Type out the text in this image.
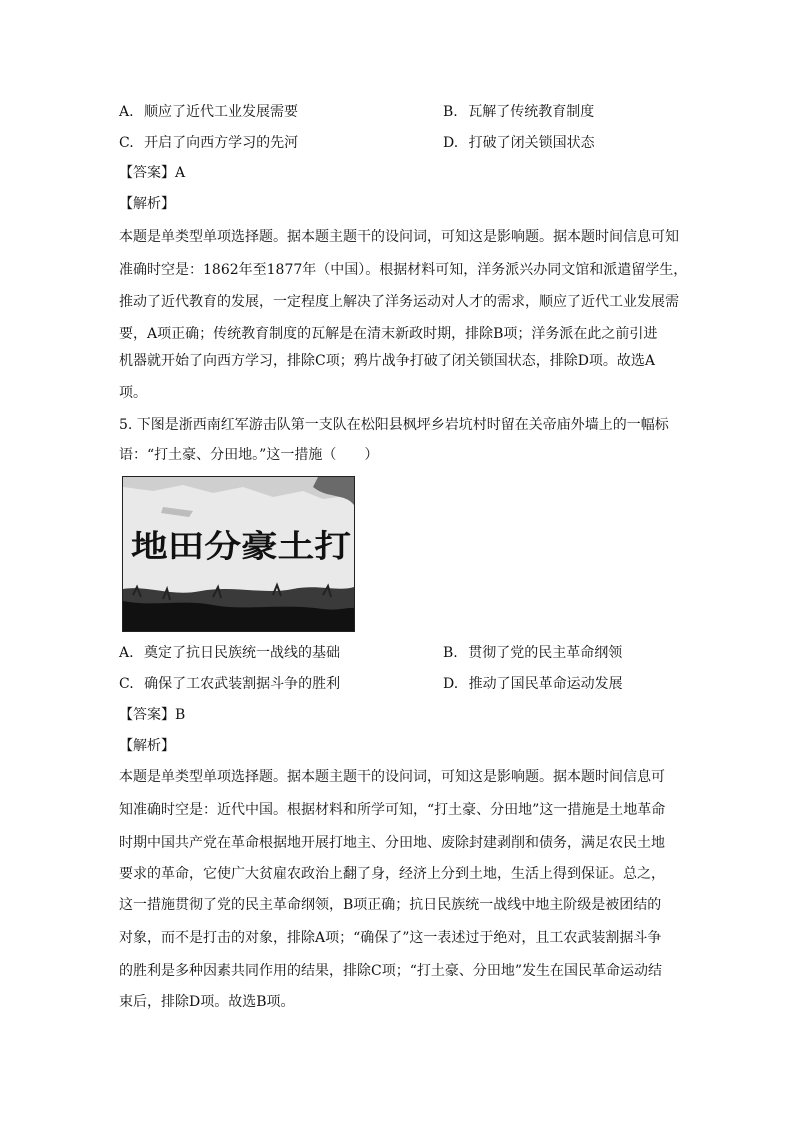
A. 顺应了近代工业发展需要	B. 瓦解了传统教育制度
C. 开启了向西方学习的先河	D. 打破了闭关锁国状态
【答案】A
【解析】
本题是单类型单项选择题。据本题主题干的设问词，可知这是影响题。据本题时间信息可知
准确时空是：1862年至1877年（中国）。根据材料可知，洋务派兴办同文馆和派遣留学生，
推动了近代教育的发展，一定程度上解决了洋务运动对人才的需求，顺应了近代工业发展需
要，A项正确；传统教育制度的瓦解是在清末新政时期，排除B项；洋务派在此之前引进
机器就开始了向西方学习，排除C项；鸦片战争打破了闭关锁国状态，排除D项。故选A
项。
5. 下图是浙西南红军游击队第一支队在松阳县枫坪乡岩坑村时留在关帝庙外墙上的一幅标
语：“打土豪、分田地。”这一措施（　　）
地田分豪土打
A. 奠定了抗日民族统一战线的基础	B. 贯彻了党的民主革命纲领
C. 确保了工农武装割据斗争的胜利	D. 推动了国民革命运动发展
【答案】B
【解析】
本题是单类型单项选择题。据本题主题干的设问词，可知这是影响题。据本题时间信息可
知准确时空是：近代中国。根据材料和所学可知，“打土豪、分田地”这一措施是土地革命
时期中国共产党在革命根据地开展打地主、分田地、废除封建剥削和债务，满足农民土地
要求的革命，它使广大贫雇农政治上翻了身，经济上分到土地，生活上得到保证。总之，
这一措施贯彻了党的民主革命纲领，B项正确；抗日民族统一战线中地主阶级是被团结的
对象，而不是打击的对象，排除A项；“确保了”这一表述过于绝对，且工农武装割据斗争
的胜利是多种因素共同作用的结果，排除C项；“打土豪、分田地”发生在国民革命运动结
束后，排除D项。故选B项。
